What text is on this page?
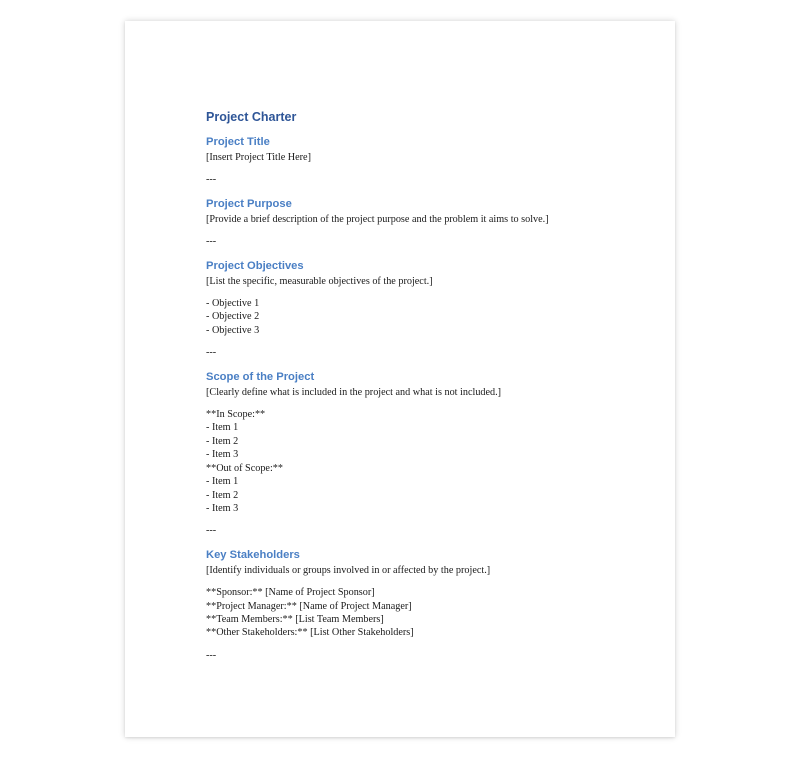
Project Charter
Project Title

[Insert Project Title Here]

---

Project Purpose

[Provide a brief description of the project purpose and the problem it aims to solve.]

---

Project Objectives

[List the specific, measurable objectives of the project.]

- Objective 1

- Objective 2

- Objective 3

---

Scope of the Project

[Clearly define what is included in the project and what is not included.]

**In Scope:**

- Item 1

- Item 2

- Item 3

**Out of Scope:**

- Item 1

- Item 2

- Item 3

---

Key Stakeholders

[Identify individuals or groups involved in or affected by the project.]

**Sponsor:** [Name of Project Sponsor]

**Project Manager:** [Name of Project Manager]

**Team Members:** [List Team Members]

**Other Stakeholders:** [List Other Stakeholders]

---
